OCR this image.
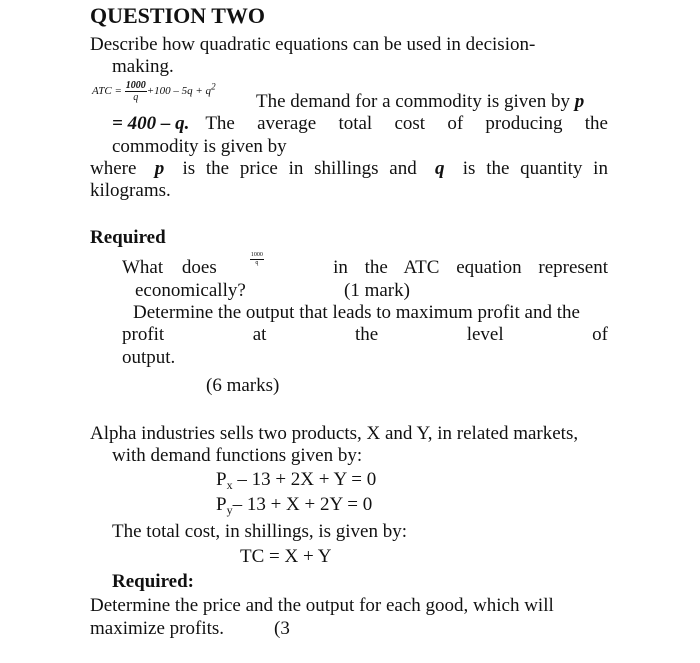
QUESTION TWO
Describe how quadratic equations can be used in decision-
making.
ATC = $\frac{1000}{q} +100 - 5q + q^2$
The demand for a commodity is given by p
= 400 – q. The average total cost of producing the
commodity is given by
where p is the price in shillings and q is the quantity in
kilograms.
Required
What does	$\frac{1000}{q}$	in the ATC equation represent
economically?	(1 mark)
Determine the output that leads to maximum profit and the
profit	at	the	level	of
output.
(6 marks)
Alpha industries sells two products, X and Y, in related markets,
with demand functions given by:
$P_x - 13 + 2X + Y = 0$
$P_y-$ 13 + X + 2Y = 0
The total cost, in shillings, is given by:
TC = X + Y
Required:
Determine the price and the output for each good, which will
maximize profits.	(3
